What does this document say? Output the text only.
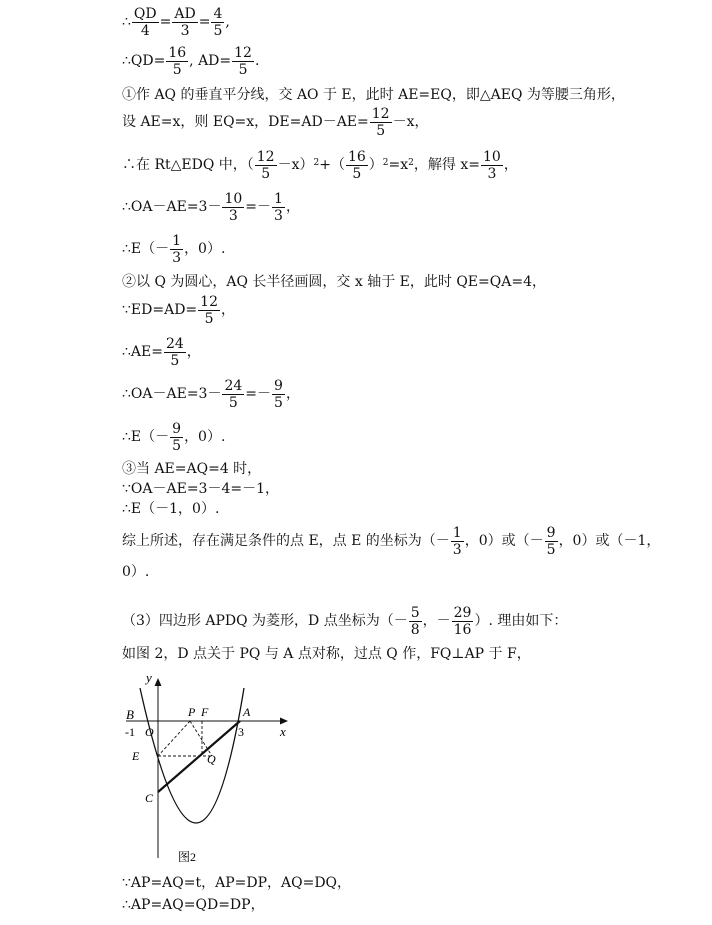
∴ $\frac{QD}{4} = \frac{AD}{3} = \frac{4}{5}$ ,
∴QD= $\frac{16}{5}$ , $AD= \frac{12}{5}$ .
①作 AQ 的垂直平分线，交 AO 于 E，此时 AE=EQ，即△AEQ 为等腰三角形，
设 AE=x，则 EQ=x，$DE=AD-AE= \frac{12}{5} -x$，
∴在 Rt△EDQ 中，（ $\frac{12}{5} -x)^2$ +（ $\frac{16}{5} )^2 =x^2$ ，解得 $x= \frac{10}{3}$ ，
∴OA－AE=3－ $\frac{10}{3} =- \frac{1}{3}$ ，
∴E（－ $\frac{1}{3}$ ，0）.
②以 Q 为圆心，AQ 长半径画圆，交 x 轴于 E，此时 QE=QA=4，
∵ED=AD= $\frac{12}{5}$ ，
∴AE= $\frac{24}{5}$ ，
∴OA－AE=3－ $\frac{24}{5} =- \frac{9}{5}$ ，
∴E（－ $\frac{9}{5}$ ，0）.
③当 AE=AQ=4 时，
∵OA－AE=3－4=－1，
∴E（－1，0）.
综上所述，存在满足条件的点 E，点 E 的坐标为（－ $\frac{1}{3}$ ，0）或（－ $\frac{9}{5}$ ，0）或（－1，
0）.
（3）四边形 APDQ 为菱形，D 点坐标为（－ $\frac{5}{8}$ ，－ $\frac{29}{16}$ ）. 理由如下：
如图 2，D 点关于 PQ 与 A 点对称，过点 Q 作，FQ⊥AP 于 F，
y
x
B	P F	A
-1 O	3
E	Q
C
图2
∵AP=AQ=t，AP=DP，AQ=DQ，
∴AP=AQ=QD=DP，
